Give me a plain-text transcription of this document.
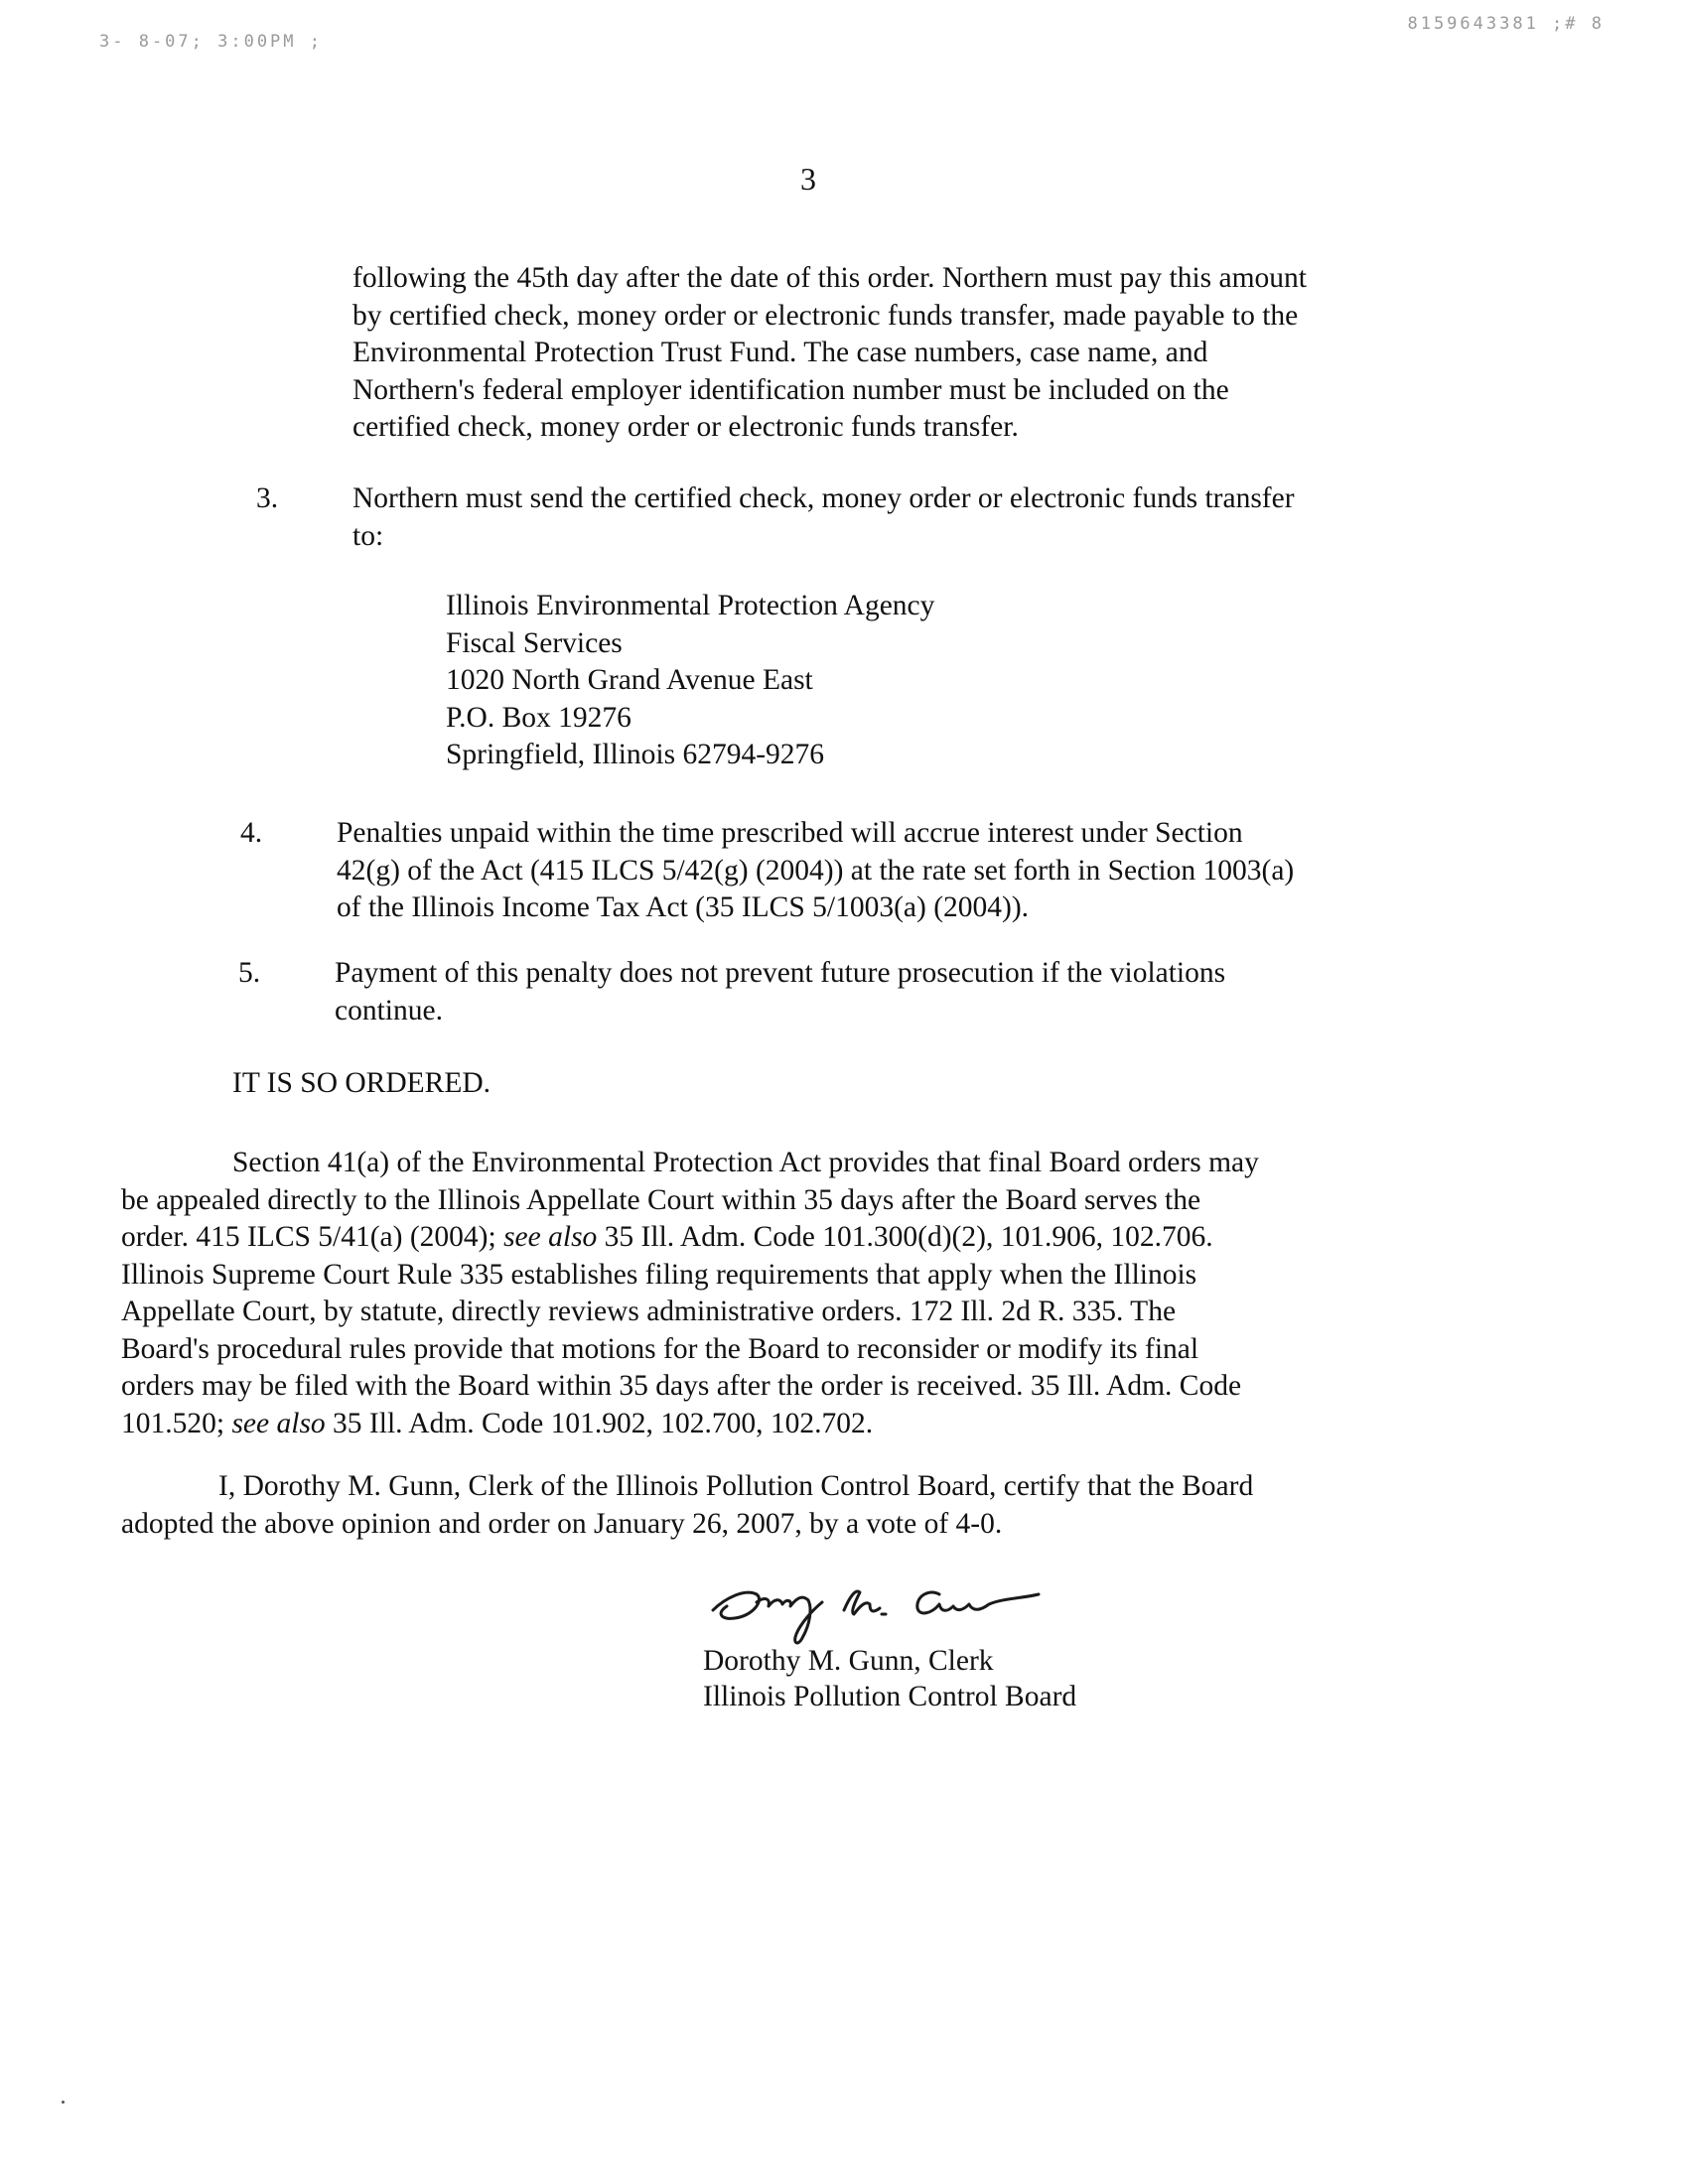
3- 8-07; 3:00PM ;
8159643381 ;# 8
3
following the 45th day after the date of this order. Northern must pay this amount
by certified check, money order or electronic funds transfer, made payable to the
Environmental Protection Trust Fund. The case numbers, case name, and
Northern's federal employer identification number must be included on the
certified check, money order or electronic funds transfer.
3.	Northern must send the certified check, money order or electronic funds transfer
to:
Illinois Environmental Protection Agency
Fiscal Services
1020 North Grand Avenue East
P.O. Box 19276
Springfield, Illinois 62794-9276
4.	Penalties unpaid within the time prescribed will accrue interest under Section
42(g) of the Act (415 ILCS 5/42(g) (2004)) at the rate set forth in Section 1003(a)
of the Illinois Income Tax Act (35 ILCS 5/1003(a) (2004)).
5.	Payment of this penalty does not prevent future prosecution if the violations
continue.
IT IS SO ORDERED.
Section 41(a) of the Environmental Protection Act provides that final Board orders may
be appealed directly to the Illinois Appellate Court within 35 days after the Board serves the
order. 415 ILCS 5/41(a) (2004); see also 35 Ill. Adm. Code 101.300(d)(2), 101.906, 102.706.
Illinois Supreme Court Rule 335 establishes filing requirements that apply when the Illinois
Appellate Court, by statute, directly reviews administrative orders. 172 Ill. 2d R. 335. The
Board's procedural rules provide that motions for the Board to reconsider or modify its final
orders may be filed with the Board within 35 days after the order is received. 35 Ill. Adm. Code
101.520; see also 35 Ill. Adm. Code 101.902, 102.700, 102.702.
I, Dorothy M. Gunn, Clerk of the Illinois Pollution Control Board, certify that the Board
adopted the above opinion and order on January 26, 2007, by a vote of 4-0.
Dorothy M. Gunn, Clerk
Illinois Pollution Control Board
